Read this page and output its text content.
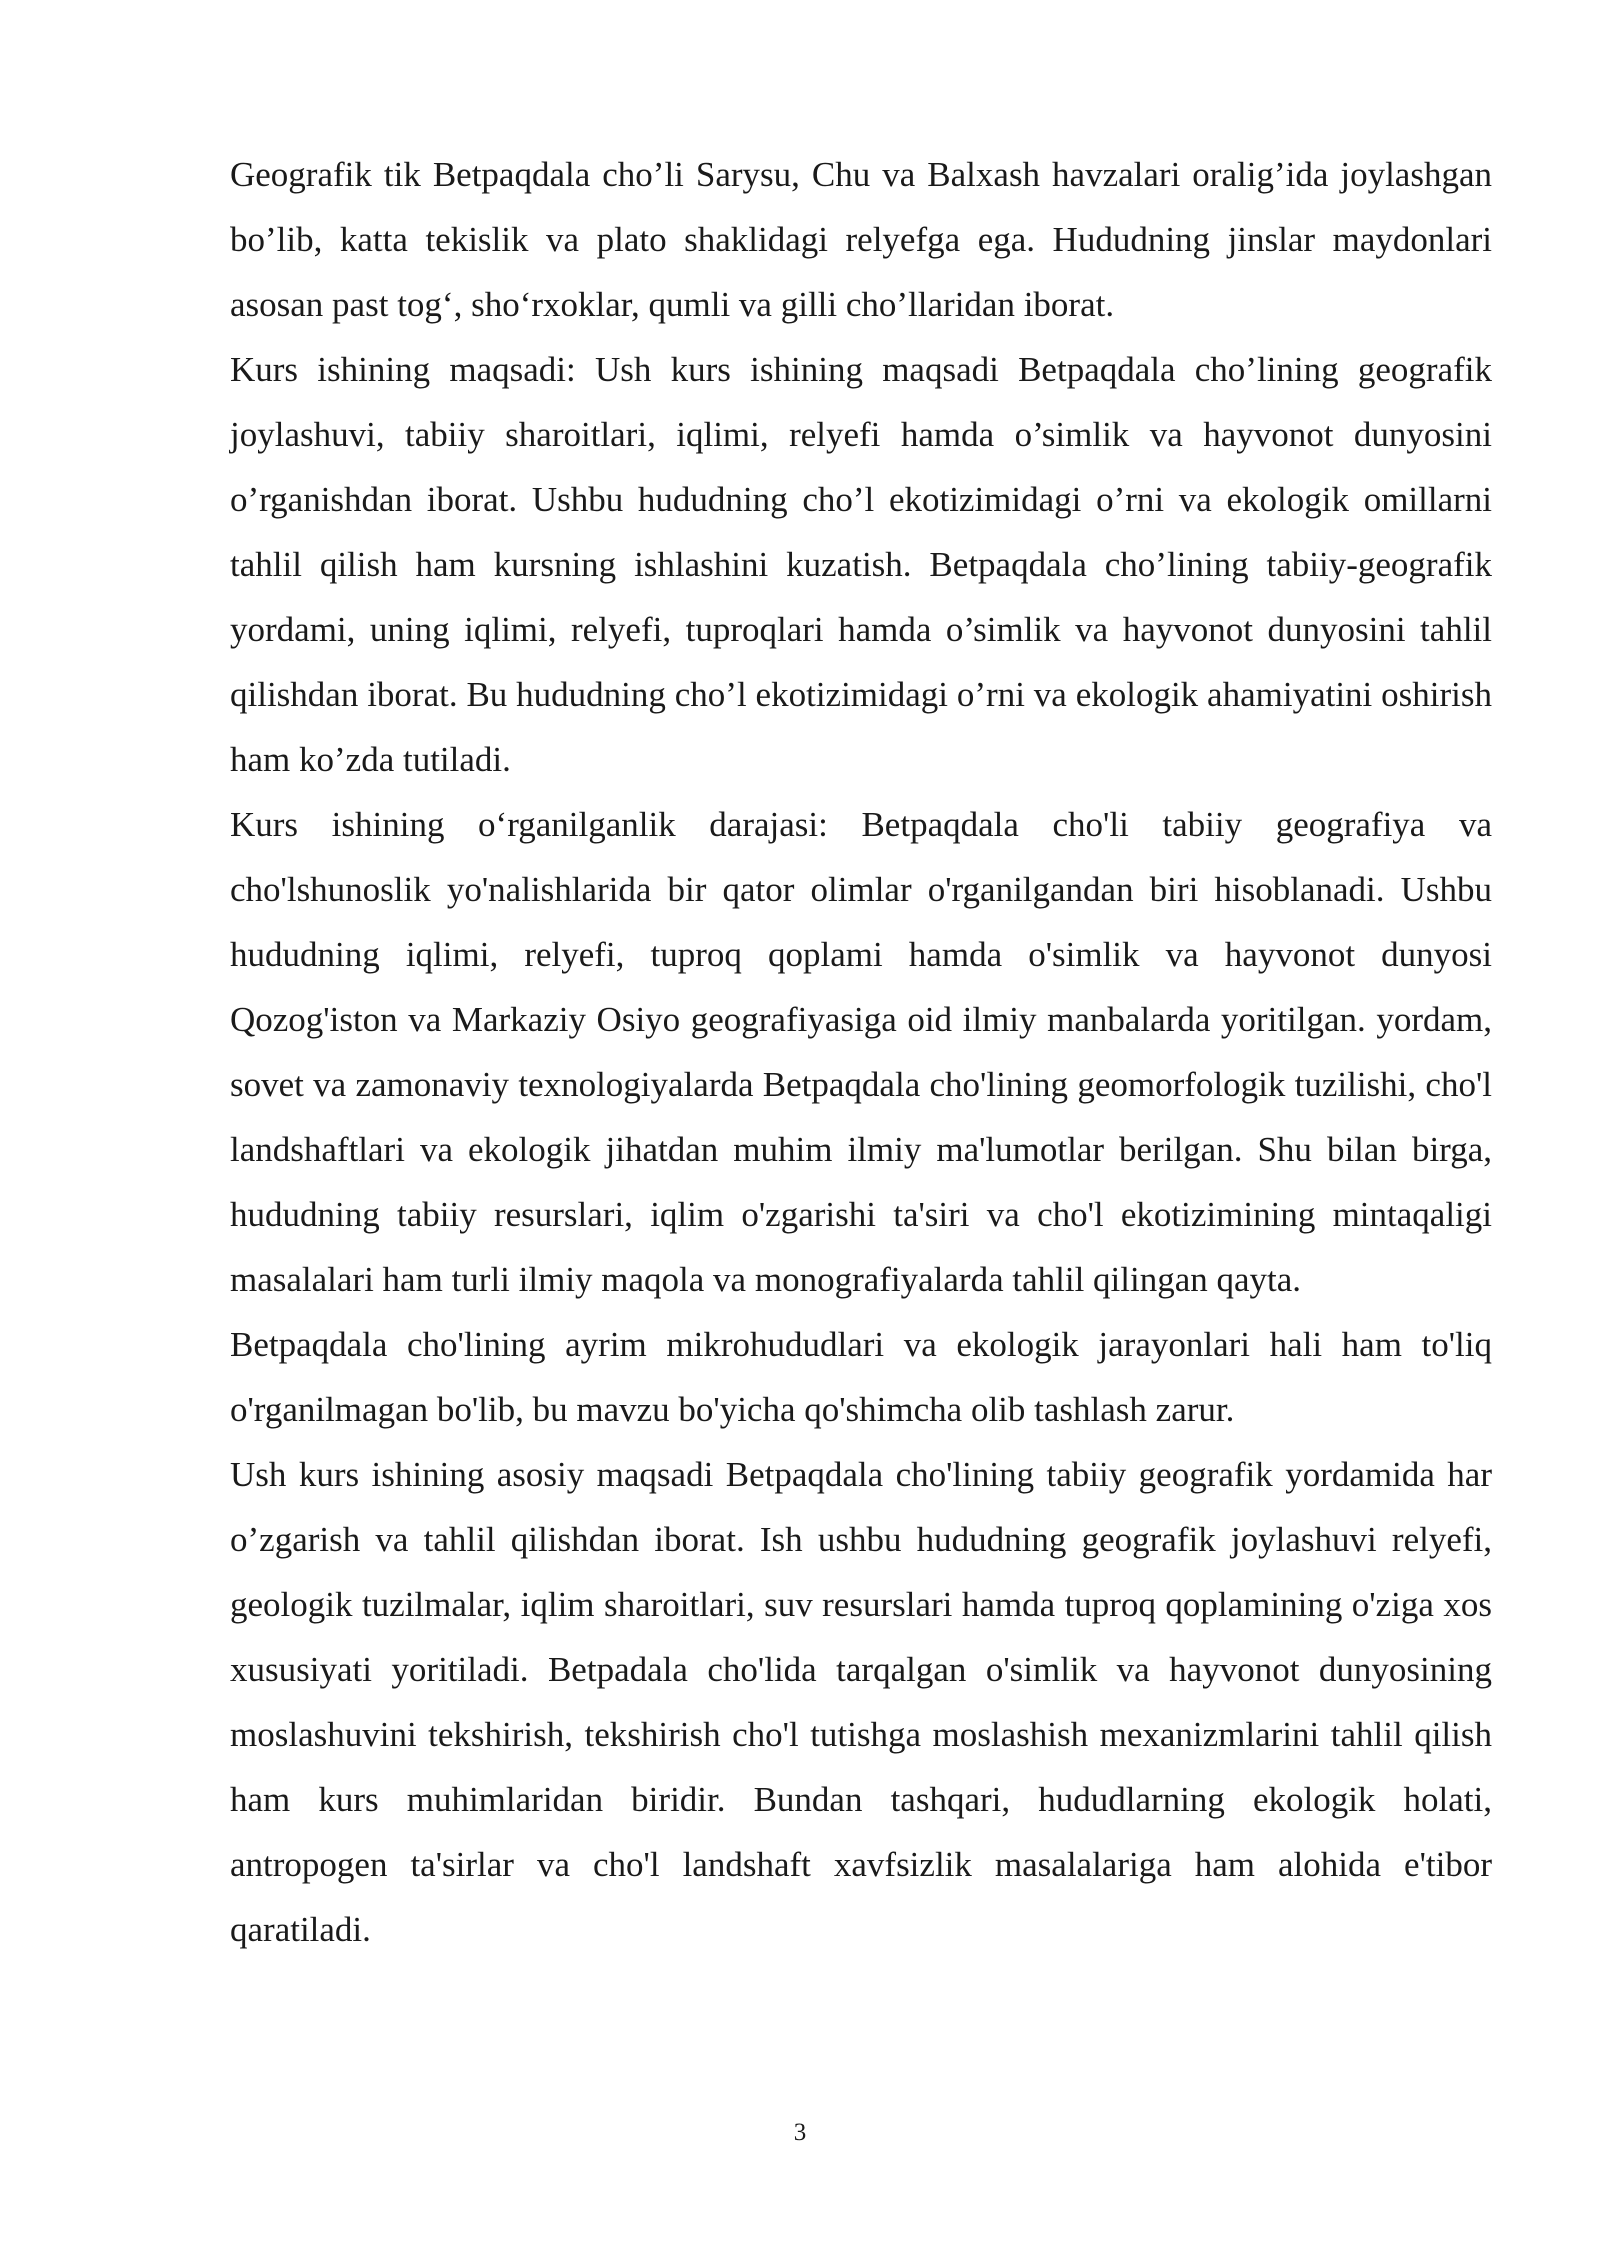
Geografik tik Betpaqdala cho’li Sarysu, Chu va Balxash havzalari oralig’ida joylashgan bo’lib, katta tekislik va plato shaklidagi relyefga ega. Hududning jinslar maydonlari asosan past tog‘, sho‘rxoklar, qumli va gilli cho’llaridan iborat.

Kurs ishining maqsadi: Ush kurs ishining maqsadi Betpaqdala cho’lining geografik joylashuvi, tabiiy sharoitlari, iqlimi, relyefi hamda o’simlik va hayvonot dunyosini o’rganishdan iborat. Ushbu hududning cho’l ekotizimidagi o’rni va ekologik omillarni tahlil qilish ham kursning ishlashini kuzatish. Betpaqdala cho’lining tabiiy-geografik yordami, uning iqlimi, relyefi, tuproqlari hamda o’simlik va hayvonot dunyosini tahlil qilishdan iborat. Bu hududning cho’l ekotizimidagi o’rni va ekologik ahamiyatini oshirish ham ko’zda tutiladi.

Kurs ishining o‘rganilganlik darajasi: Betpaqdala cho'li tabiiy geografiya va cho'lshunoslik yo'nalishlarida bir qator olimlar o'rganilgandan biri hisoblanadi. Ushbu hududning iqlimi, relyefi, tuproq qoplami hamda o'simlik va hayvonot dunyosi Qozog'iston va Markaziy Osiyo geografiyasiga oid ilmiy manbalarda yoritilgan. yordam, sovet va zamonaviy texnologiyalarda Betpaqdala cho'lining geomorfologik tuzilishi, cho'l landshaftlari va ekologik jihatdan muhim ilmiy ma'lumotlar berilgan. Shu bilan birga, hududning tabiiy resurslari, iqlim o'zgarishi ta'siri va cho'l ekotizimining mintaqaligi masalalari ham turli ilmiy maqola va monografiyalarda tahlil qilingan qayta.

Betpaqdala cho'lining ayrim mikrohududlari va ekologik jarayonlari hali ham to'liq o'rganilmagan bo'lib, bu mavzu bo'yicha qo'shimcha olib tashlash zarur.

Ush kurs ishining asosiy maqsadi Betpaqdala cho'lining tabiiy geografik yordamida har o’zgarish va tahlil qilishdan iborat. Ish ushbu hududning geografik joylashuvi relyefi, geologik tuzilmalar, iqlim sharoitlari, suv resurslari hamda tuproq qoplamining o'ziga xos xususiyati yoritiladi. Betpadala cho'lida tarqalgan o'simlik va hayvonot dunyosining moslashuvini tekshirish, tekshirish cho'l tutishga moslashish mexanizmlarini tahlil qilish ham kurs muhimlaridan biridir. Bundan tashqari, hududlarning ekologik holati, antropogen ta'sirlar va cho'l landshaft xavfsizlik masalalariga ham alohida e'tibor qaratiladi.

3
